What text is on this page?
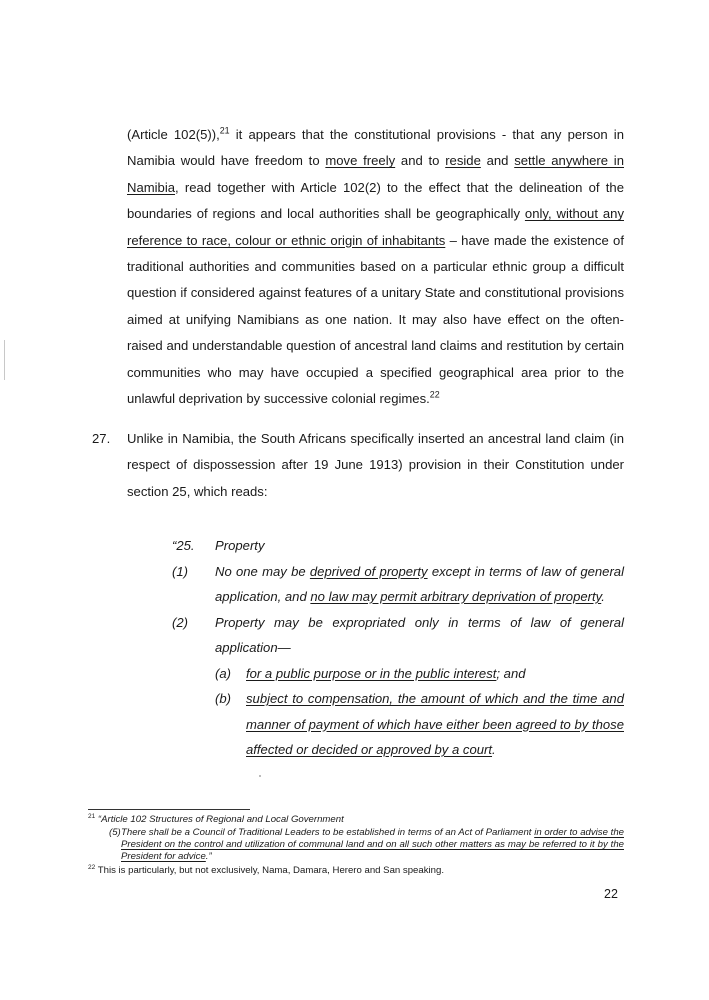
(Article 102(5)),$^{21}$ it appears that the constitutional provisions - that any person in Namibia would have freedom to move freely and to reside and settle anywhere in Namibia, read together with Article 102(2) to the effect that the delineation of the boundaries of regions and local authorities shall be geographically only, without any reference to race, colour or ethnic origin of inhabitants – have made the existence of traditional authorities and communities based on a particular ethnic group a difficult question if considered against features of a unitary State and constitutional provisions aimed at unifying Namibians as one nation. It may also have effect on the often-raised and understandable question of ancestral land claims and restitution by certain communities who may have occupied a specified geographical area prior to the unlawful deprivation by successive colonial regimes.$^{22}$
27. Unlike in Namibia, the South Africans specifically inserted an ancestral land claim (in respect of dispossession after 19 June 1913) provision in their Constitution under section 25, which reads:
“25. Property
(1) No one may be deprived of property except in terms of law of general application, and no law may permit arbitrary deprivation of property.
(2) Property may be expropriated only in terms of law of general application—
(a) for a public purpose or in the public interest; and
(b) subject to compensation, the amount of which and the time and manner of payment of which have either been agreed to by those affected or decided or approved by a court.
$^{21}$ “Article 102 Structures of Regional and Local Government
(5) There shall be a Council of Traditional Leaders to be established in terms of an Act of Parliament in order to advise the President on the control and utilization of communal land and on all such other matters as may be referred to it by the President for advice.”
$^{22}$ This is particularly, but not exclusively, Nama, Damara, Herero and San speaking.
22
